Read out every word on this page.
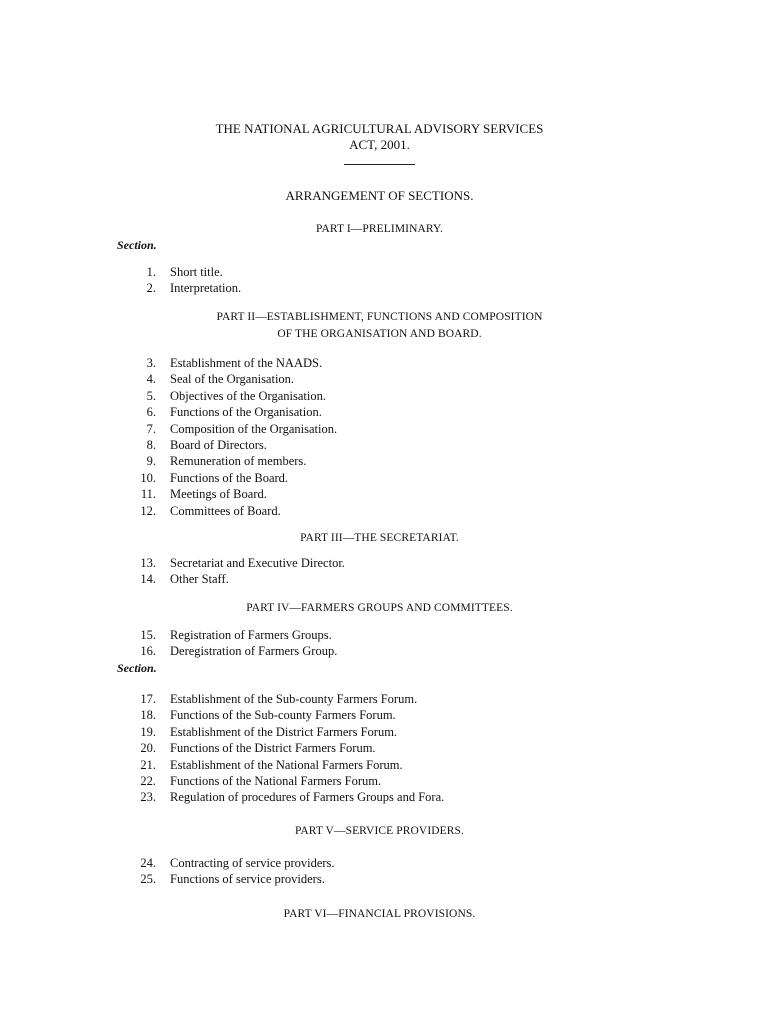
THE NATIONAL AGRICULTURAL ADVISORY SERVICES
ACT, 2001.
ARRANGEMENT OF SECTIONS.
PART I—PRELIMINARY.
Section.
1.	Short title.
2.	Interpretation.
PART II—ESTABLISHMENT, FUNCTIONS AND COMPOSITION
OF THE ORGANISATION AND BOARD.
3.	Establishment of the NAADS.
4.	Seal of the Organisation.
5.	Objectives of the Organisation.
6.	Functions of the Organisation.
7.	Composition of the Organisation.
8.	Board of Directors.
9.	Remuneration of members.
10.	Functions of the Board.
11.	Meetings of Board.
12.	Committees of Board.
PART III—THE SECRETARIAT.
13.	Secretariat and Executive Director.
14.	Other Staff.
PART IV—FARMERS GROUPS AND COMMITTEES.
15.	Registration of Farmers Groups.
16.	Deregistration of Farmers Group.
Section.
17.	Establishment of the Sub-county Farmers Forum.
18.	Functions of the Sub-county Farmers Forum.
19.	Establishment of the District Farmers Forum.
20.	Functions of the District Farmers Forum.
21.	Establishment of the National Farmers Forum.
22.	Functions of the National Farmers Forum.
23.	Regulation of procedures of Farmers Groups and Fora.
PART V—SERVICE PROVIDERS.
24.	Contracting of service providers.
25.	Functions of service providers.
PART VI—FINANCIAL PROVISIONS.
